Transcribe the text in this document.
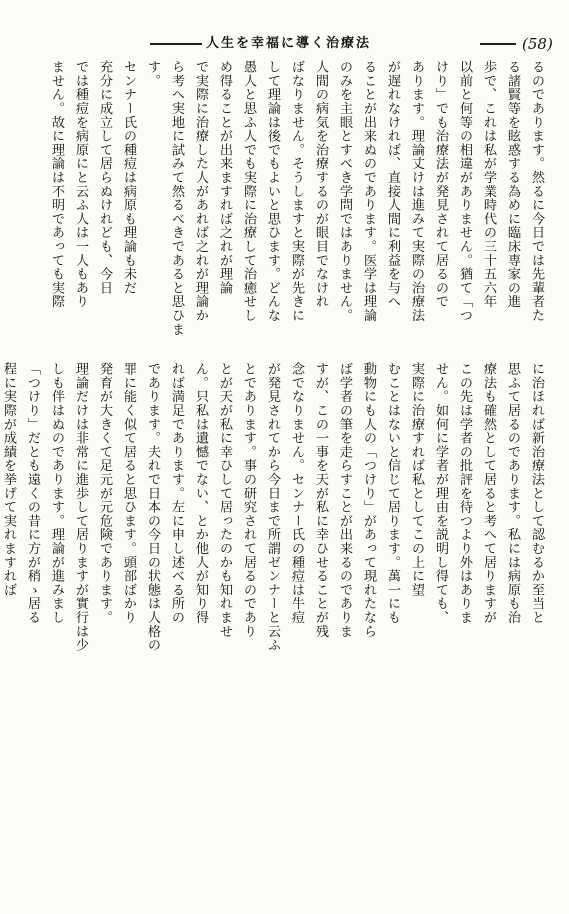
人生を幸福に導く治療法	(58)
るのであります。然るに今日では先輩者た
る諸賢等を眩惑する為めに臨床専家の進
歩で、これは私が学業時代の三十五六年
以前と何等の相違がありません。猶て「つ
けり」でも治療法が発見されて居るので
あります。理論丈けは進みて実際の治療法
が遅れなければ、直接人間に利益を与へ
ることが出来ぬのであります。医学は理論
のみを主眼とすべき学問ではありません。
人間の病気を治療するのが眼目でなけれ
ばなりません。そうしますと実際が先きに
して理論は後でもよいと思ひます。どんな
愚人と思ふ人でも実際に治療して治癒せし
め得ることが出来ますれば之れが理論
で実際に治療した人があれば之れが理論か
ら考へ実地に試みて然るべきであると思ひま
す。
センナー氏の種痘は病原も理論も未だ
充分に成立して居らぬけれども、今日
では種痘を病原にと云ふ人は一人もあり
ません。故に理論は不明であっても実際
に治ほれば新治療法として認むるか至当と
思ふて居るのであります。私には病原も治
療法も確然として居ると考へて居りますが
この先は学者の批評を待つより外はありま
せん。如何に学者が理由を説明し得ても、
実際に治療すれば私としてこの上に望
むことはないと信じて居ります。萬一にも
動物にも人の「つけり」があって現れたなら
ば学者の筆を走らすことが出来るのでありま
すが、この一事を天が私に幸ひせることが残
念でなりません。センナー氏の種痘は牛痘
が発見されてから今日まで所謂ゼンナーと云ふ
とであります。事の研究されて居るのであり
とが天が私に幸ひして居ったのかも知れませ
ん。只私は遺憾でない、とか他人が知り得
れば満足であります。左に申し述べる所の
であります。夫れで日本の今日の状態は人格の
罪に能く似て居ると思ひます。頭部ばかり
発育が大きくて足元が元危険であります。
理論だけは非常に進歩して居りますが實行は少
しも伴はぬのであります。理論が進みまし
「つけり」だとも遠くの昔に方が稍ゝ居る
程に実際が成績を挙げて実れますれば
